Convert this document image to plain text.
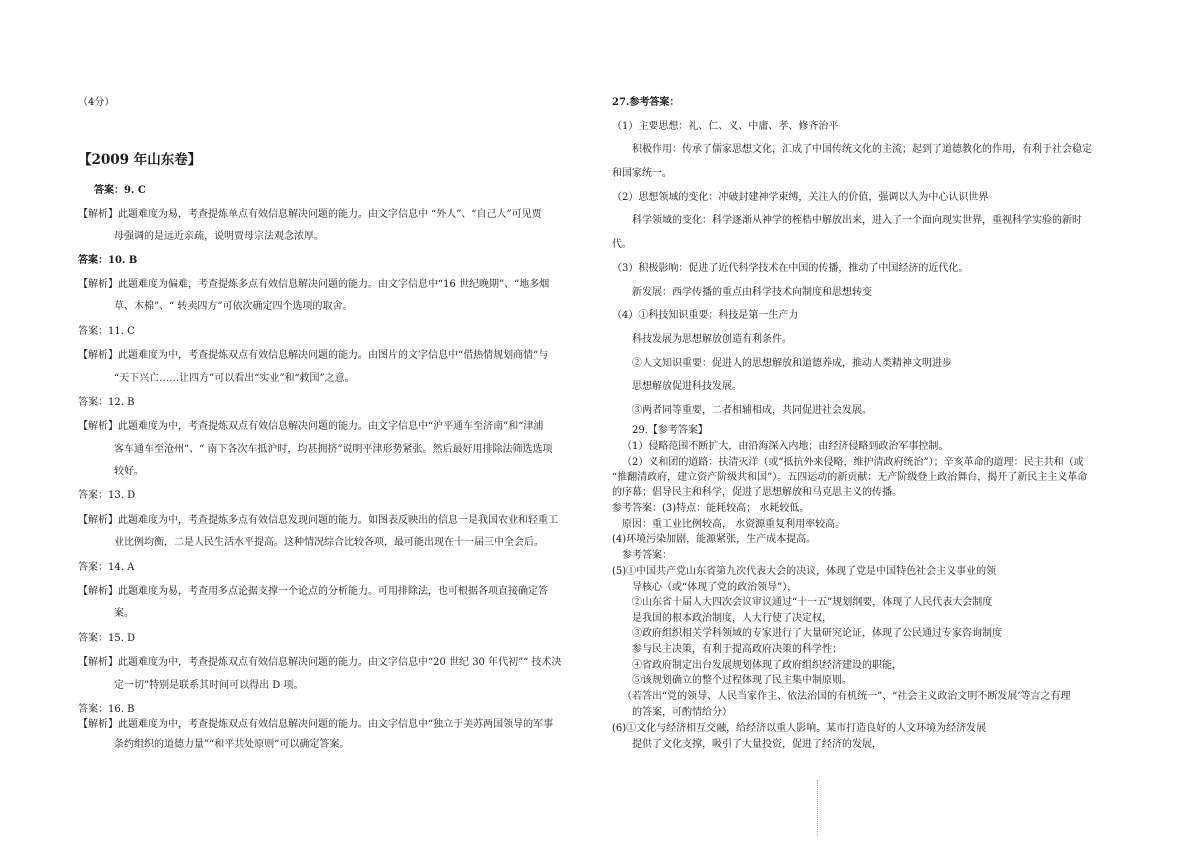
（4分）
【2009 年山东卷】
答案：9. C
【解析】此题难度为易，考查提炼单点有效信息解决问题的能力。由文字信息中 “外人”、“自己人”可见贾
母强调的是远近亲疏，说明贾母宗法观念浓厚。
答案：10. B
【解析】此题难度为偏难，考查提炼多点有效信息解决问题的能力。由文字信息中“16 世纪晚期”、“地多烟
草、木棉”、“ 转卖四方”可依次确定四个选项的取舍。
答案：11. C
【解析】此题难度为中，考查提炼双点有效信息解决问题的能力。由图片的文字信息中“借热情规划商情”与
“天下兴亡……让四方”可以看出“实业”和“救国”之意。
答案：12. B
【解析】此题难度为中，考查提炼双点有效信息解决问题的能力。由文字信息中“沪平通车至济南”和“津浦
客车通车至沧州”、“ 南下各次车抵沪时，均甚拥挤”说明平津形势紧张。然后最好用排除法筛选选项
较好。
答案：13. D
【解析】此题难度为中，考查提炼多点有效信息发现问题的能力。如图表反映出的信息一是我国农业和轻重工
业比例均衡，二是人民生活水平提高。这种情况综合比较各项，最可能出现在十一届三中全会后。
答案：14. A
【解析】此题难度为易，考查用多点论据支撑一个论点的分析能力。可用排除法，也可根据各项直接确定答
案。
答案：15. D
【解析】此题难度为中，考查提炼双点有效信息解决问题的能力。由文字信息中“20 世纪 30 年代初”“ 技术决
定一切”特别是联系其时间可以得出 D 项。
答案：16. B
【解析】此题难度为中，考查提炼双点有效信息解决问题的能力。由文字信息中“独立于美苏两国领导的军事
条约组织的道德力量”“和平共处原则”可以确定答案。
27.参考答案：
（1）主要思想：礼、仁、义、中庸、孝、修齐治平
积极作用：传承了儒家思想文化，汇成了中国传统文化的主流；起到了道德教化的作用，有利于社会稳定
和国家统一。
（2）思想领域的变化：冲破封建神学束缚，关注人的价值，强调以人为中心认识世界
科学领域的变化：科学逐渐从神学的桎梏中解放出来，进入了一个面向现实世界，重视科学实验的新时
代。
（3）积极影响：促进了近代科学技术在中国的传播，推动了中国经济的近代化。
新发展：西学传播的重点由科学技术向制度和思想转变
（4）①科技知识重要：科技是第一生产力
科技发展为思想解放创造有利条件。
②人文知识重要：促进人的思想解放和道德养成，推动人类精神文明进步
思想解放促进科技发展。
③两者同等重要，二者相辅相成，共同促进社会发展。
29.【参考答案】
（1）侵略范围不断扩大，由沿海深入内地；由经济侵略到政治军事控制。
（2）义和团的道路：扶清灭洋（或“抵抗外来侵略，维护清政府统治”）；辛亥革命的道理：民主共和（或
“推翻清政府，建立资产阶级共和国”）。五四运动的新贡献：无产阶级登上政治舞台，揭开了新民主主义革命
的序幕；倡导民主和科学，促进了思想解放和马克思主义的传播。
参考答案：(3)特点：能耗较高； 水耗较低。
原因：重工业比例较高， 水资源重复利用率较高。
(4)环境污染加剧，能源紧张，生产成本提高。
参考答案：
(5)①中国共产党山东省第九次代表大会的决议，体现了党是中国特色社会主义事业的领
导核心（或“体现了党的政治领导”），
②山东省十届人大四次会议审议通过“十一五”规划纲要，体现了人民代表大会制度
是我国的根本政治制度，人大行使了决定权，
③政府组织相关学科领域的专家进行了大量研究论证，体现了公民通过专家咨询制度
参与民主决策，有利于提高政府决策的科学性；
④省政府制定出台发展规划体现了政府组织经济建设的职能，
⑤该规划确立的整个过程体现了民主集中制原则。
（若答出“党的领导、人民当家作主、依法治国的有机统一”、“社会主义政治文明不断发展’等言之有理
的答案，可酌情给分）
(6)①文化与经济相互交融，给经济以重人影响。某市打造良好的人文环境为经济发展
提供了文化支撑，吸引了大量投资，促进了经济的发展，
